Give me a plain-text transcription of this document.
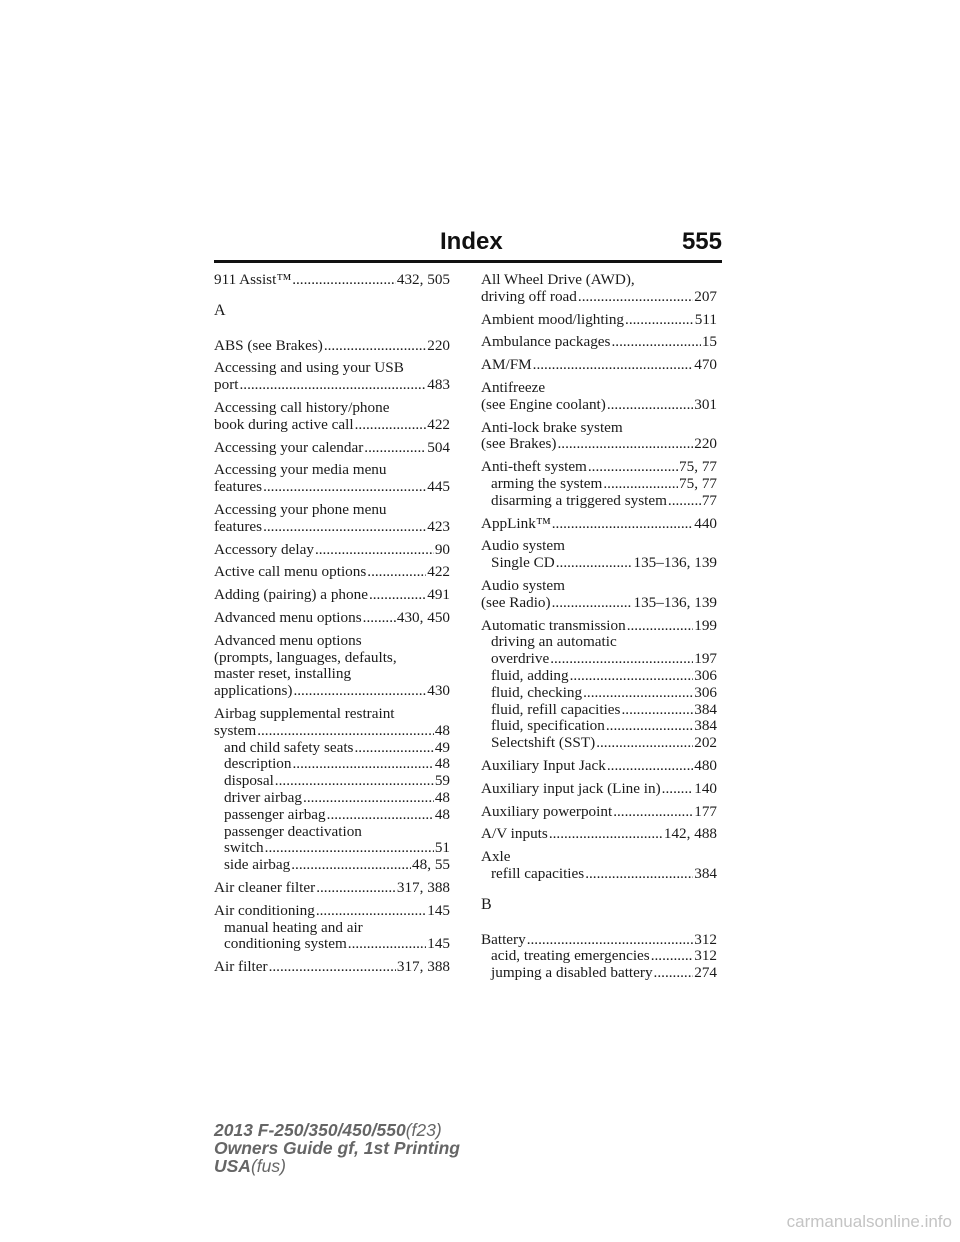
Index	555
911 Assist™ .....	432, 505
A
ABS (see Brakes) .....	220
Accessing and using your USB
port .....	483
Accessing call history/phone
book during active call .....	422
Accessing your calendar .....	504
Accessing your media menu
features .....	445
Accessing your phone menu
features .....	423
Accessory delay .....	90
Active call menu options .....	422
Adding (pairing) a phone .....	491
Advanced menu options ..... 430, 450
Advanced menu options
(prompts, languages, defaults,
master reset, installing
applications) .....	430
Airbag supplemental restraint
system .....	48
and child safety seats .....	49
description .....	48
disposal .....	59
driver airbag .....	48
passenger airbag .....	48
passenger deactivation
switch .....	51
side airbag .....	48, 55
Air cleaner filter .....	317, 388
Air conditioning .....	145
manual heating and air
conditioning system .....	145
Air filter .....	317, 388
All Wheel Drive (AWD),
driving off road .....	207
Ambient mood/lighting .....	511
Ambulance packages .....	15
AM/FM .....	470
Antifreeze
(see Engine coolant) .....	301
Anti-lock brake system
(see Brakes) .....	220
Anti-theft system .....	75, 77
arming the system .....	75, 77
disarming a triggered system ..... 77
AppLink™ .....	440
Audio system
Single CD .....	135–136, 139
Audio system
(see Radio) .....	135–136, 139
Automatic transmission .....	199
driving an automatic
overdrive .....	197
fluid, adding .....	306
fluid, checking .....	306
fluid, refill capacities .....	384
fluid, specification .....	384
Selectshift (SST) .....	202
Auxiliary Input Jack .....	480
Auxiliary input jack (Line in) ..... 140
Auxiliary powerpoint .....	177
A/V inputs .....	142, 488
Axle
refill capacities .....	384
B
Battery .....	312
acid, treating emergencies .....	312
jumping a disabled battery .....	274
2013 F-250/350/450/550(f23)
Owners Guide gf, 1st Printing
USA(fus)
carmanualsonline.info
